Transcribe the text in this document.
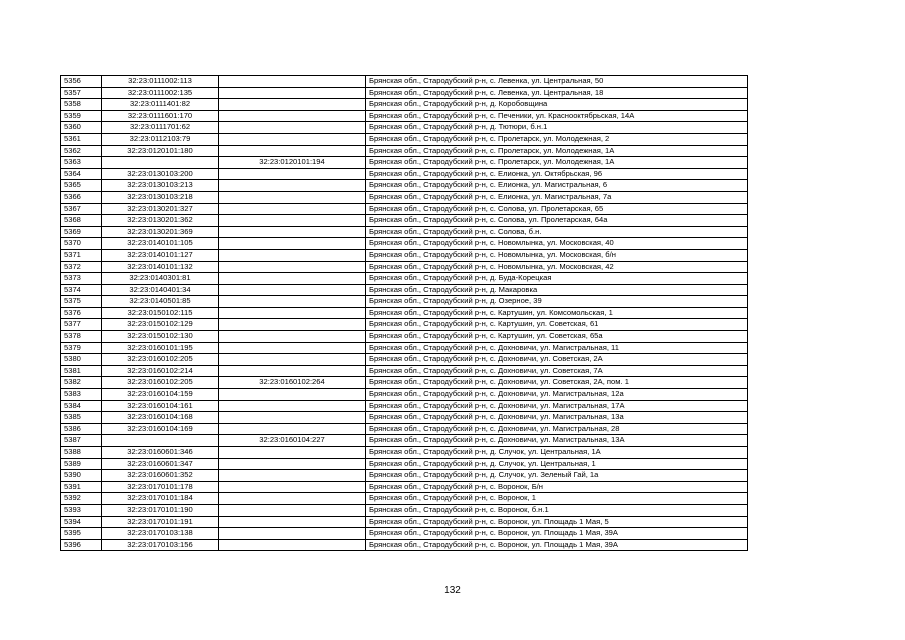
5356	32:23:0111002:113		Брянская обл., Стародубский р-н, с. Левенка, ул. Центральная, 50
5357	32:23:0111002:135		Брянская обл., Стародубский р-н, с. Левенка, ул. Центральная, 18
5358	32:23:0111401:82		Брянская обл., Стародубский р-н, д. Коробовщина
5359	32:23:0111601:170		Брянская обл., Стародубский р-н, с. Печеники, ул. Краснооктябрьская, 14А
5360	32:23:0111701:62		Брянская обл., Стародубский р-н, д. Тютюри, б.н.1
5361	32:23:0112103:79		Брянская обл., Стародубский р-н, с. Пролетарск, ул. Молодежная, 2
5362	32:23:0120101:180		Брянская обл., Стародубский р-н, с. Пролетарск, ул. Молодежная, 1А
5363		32:23:0120101:194	Брянская обл., Стародубский р-н, с. Пролетарск, ул. Молодежная, 1А
5364	32:23:0130103:200		Брянская обл., Стародубский р-н, с. Елионка, ул. Октябрьская, 96
5365	32:23:0130103:213		Брянская обл., Стародубский р-н, с. Елионка, ул. Магистральная, 6
5366	32:23:0130103:218		Брянская обл., Стародубский р-н, с. Елионка, ул. Магистральная, 7а
5367	32:23:0130201:327		Брянская обл., Стародубский р-н, с. Солова, ул. Пролетарская, 65
5368	32:23:0130201:362		Брянская обл., Стародубский р-н, с. Солова, ул. Пролетарская, 64а
5369	32:23:0130201:369		Брянская обл., Стародубский р-н, с. Солова, б.н.
5370	32:23:0140101:105		Брянская обл., Стародубский р-н, с. Новомлынка, ул. Московская, 40
5371	32:23:0140101:127		Брянская обл., Стародубский р-н, с. Новомлынка, ул. Московская, б/н
5372	32:23:0140101:132		Брянская обл., Стародубский р-н, с. Новомлынка, ул. Московская, 42
5373	32:23:0140301:81		Брянская обл., Стародубский р-н, д. Буда-Корецкая
5374	32:23:0140401:34		Брянская обл., Стародубский р-н, д. Макаровка
5375	32:23:0140501:85		Брянская обл., Стародубский р-н, д. Озерное, 39
5376	32:23:0150102:115		Брянская обл., Стародубский р-н, с. Картушин, ул. Комсомольская, 1
5377	32:23:0150102:129		Брянская обл., Стародубский р-н, с. Картушин, ул. Советская, 61
5378	32:23:0150102:130		Брянская обл., Стародубский р-н, с. Картушин, ул. Советская, 65а
5379	32:23:0160101:195		Брянская обл., Стародубский р-н, с. Дохновичи, ул. Магистральная, 11
5380	32:23:0160102:205		Брянская обл., Стародубский р-н, с. Дохновичи, ул. Советская, 2А
5381	32:23:0160102:214		Брянская обл., Стародубский р-н, с. Дохновичи, ул. Советская, 7А
5382	32:23:0160102:205	32:23:0160102:264	Брянская обл., Стародубский р-н, с. Дохновичи, ул. Советская, 2А, пом. 1
5383	32:23:0160104:159		Брянская обл., Стародубский р-н, с. Дохновичи, ул. Магистральная, 12а
5384	32:23:0160104:161		Брянская обл., Стародубский р-н, с. Дохновичи, ул. Магистральная, 17А
5385	32:23:0160104:168		Брянская обл., Стародубский р-н, с. Дохновичи, ул. Магистральная, 13а
5386	32:23:0160104:169		Брянская обл., Стародубский р-н, с. Дохновичи, ул. Магистральная, 28
5387		32:23:0160104:227	Брянская обл., Стародубский р-н, с. Дохновичи, ул. Магистральная, 13А
5388	32:23:0160601:346		Брянская обл., Стародубский р-н, д. Случок, ул. Центральная, 1А
5389	32:23:0160601:347		Брянская обл., Стародубский р-н, д. Случок, ул. Центральная, 1
5390	32:23:0160601:352		Брянская обл., Стародубский р-н, д. Случок, ул. Зеленый Гай, 1а
5391	32:23:0170101:178		Брянская обл., Стародубский р-н, с. Воронок, Б/н
5392	32:23:0170101:184		Брянская обл., Стародубский р-н, с. Воронок, 1
5393	32:23:0170101:190		Брянская обл., Стародубский р-н, с. Воронок, б.н.1
5394	32:23:0170101:191		Брянская обл., Стародубский р-н, с. Воронок, ул. Площадь 1 Мая, 5
5395	32:23:0170103:138		Брянская обл., Стародубский р-н, с. Воронок, ул. Площадь 1 Мая, 39А
5396	32:23:0170103:156		Брянская обл., Стародубский р-н, с. Воронок, ул. Площадь 1 Мая, 39А
132
